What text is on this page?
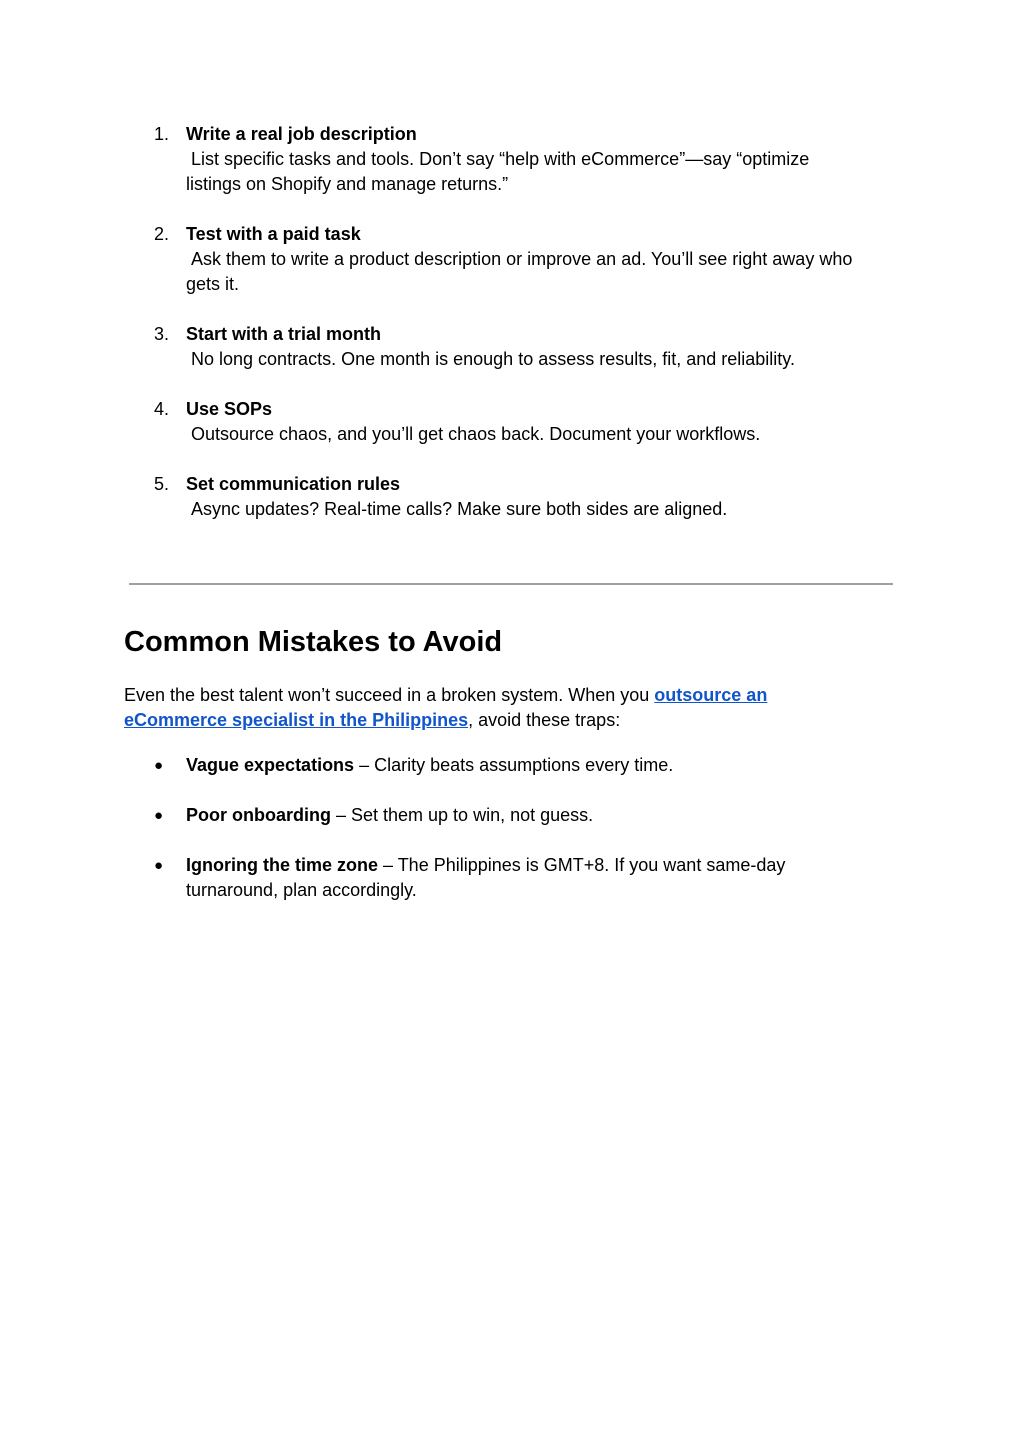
1. Write a real job description
List specific tasks and tools. Don’t say “help with eCommerce”—say “optimize
listings on Shopify and manage returns.”
2. Test with a paid task
Ask them to write a product description or improve an ad. You’ll see right away who
gets it.
3. Start with a trial month
No long contracts. One month is enough to assess results, fit, and reliability.
4. Use SOPs
Outsource chaos, and you’ll get chaos back. Document your workflows.
5. Set communication rules
Async updates? Real-time calls? Make sure both sides are aligned.
Common Mistakes to Avoid

Even the best talent won’t succeed in a broken system. When you outsource an eCommerce specialist in the Philippines, avoid these traps:

● Vague expectations – Clarity beats assumptions every time.
● Poor onboarding – Set them up to win, not guess.
● Ignoring the time zone – The Philippines is GMT+8. If you want same-day turnaround, plan accordingly.
